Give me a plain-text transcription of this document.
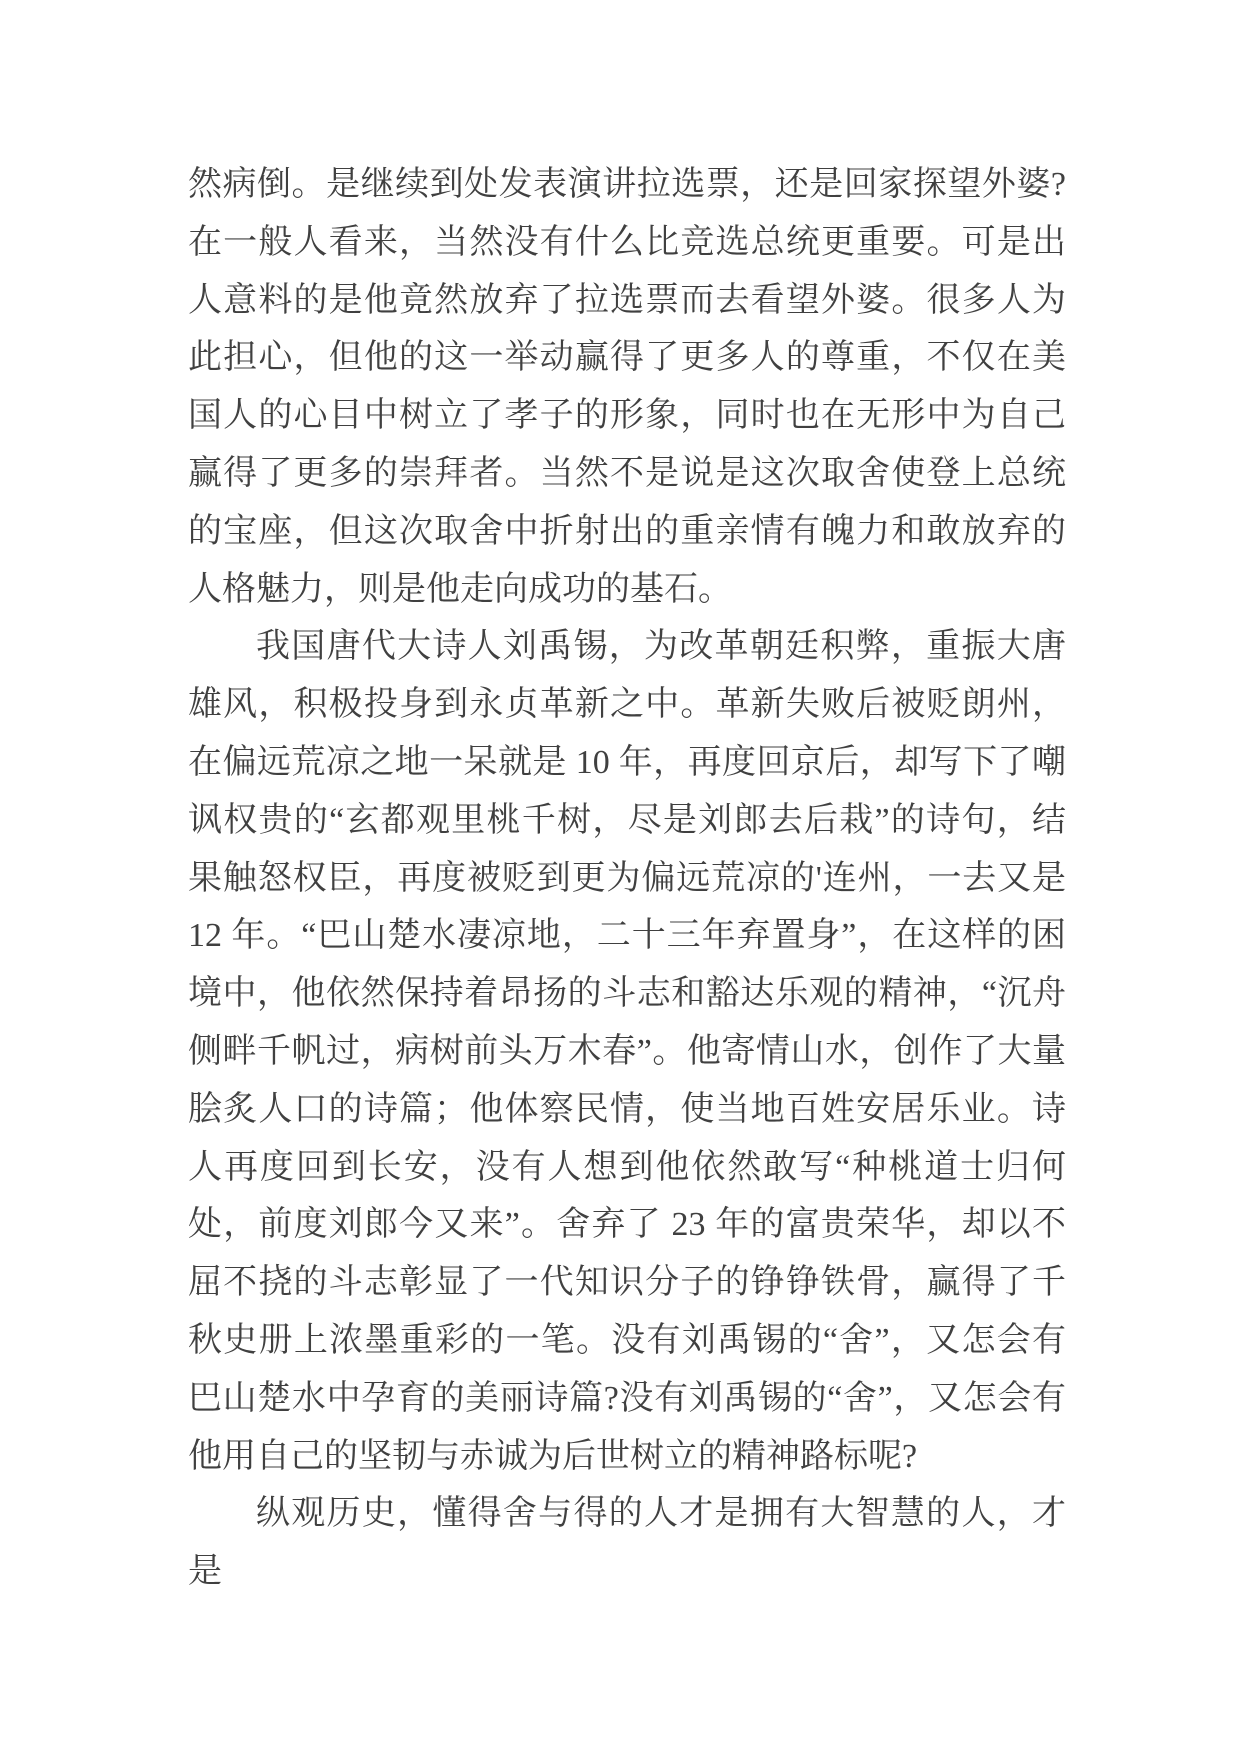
然病倒。是继续到处发表演讲拉选票，还是回家探望外婆?在一般人看来，当然没有什么比竞选总统更重要。可是出人意料的是他竟然放弃了拉选票而去看望外婆。很多人为此担心，但他的这一举动赢得了更多人的尊重，不仅在美国人的心目中树立了孝子的形象，同时也在无形中为自己赢得了更多的崇拜者。当然不是说是这次取舍使登上总统的宝座，但这次取舍中折射出的重亲情有魄力和敢放弃的人格魅力，则是他走向成功的基石。

我国唐代大诗人刘禹锡，为改革朝廷积弊，重振大唐雄风，积极投身到永贞革新之中。革新失败后被贬朗州，在偏远荒凉之地一呆就是 10 年，再度回京后，却写下了嘲讽权贵的“玄都观里桃千树，尽是刘郎去后栽”的诗句，结果触怒权臣，再度被贬到更为偏远荒凉的'连州，一去又是 12 年。“巴山楚水凄凉地，二十三年弃置身”，在这样的困境中，他依然保持着昂扬的斗志和豁达乐观的精神，“沉舟侧畔千帆过，病树前头万木春”。他寄情山水，创作了大量脍炙人口的诗篇；他体察民情，使当地百姓安居乐业。诗人再度回到长安，没有人想到他依然敢写“种桃道士归何处，前度刘郎今又来”。舍弃了 23 年的富贵荣华，却以不屈不挠的斗志彰显了一代知识分子的铮铮铁骨，赢得了千秋史册上浓墨重彩的一笔。没有刘禹锡的“舍”，又怎会有巴山楚水中孕育的美丽诗篇?没有刘禹锡的“舍”，又怎会有他用自己的坚韧与赤诚为后世树立的精神路标呢?

纵观历史，懂得舍与得的人才是拥有大智慧的人，才是
